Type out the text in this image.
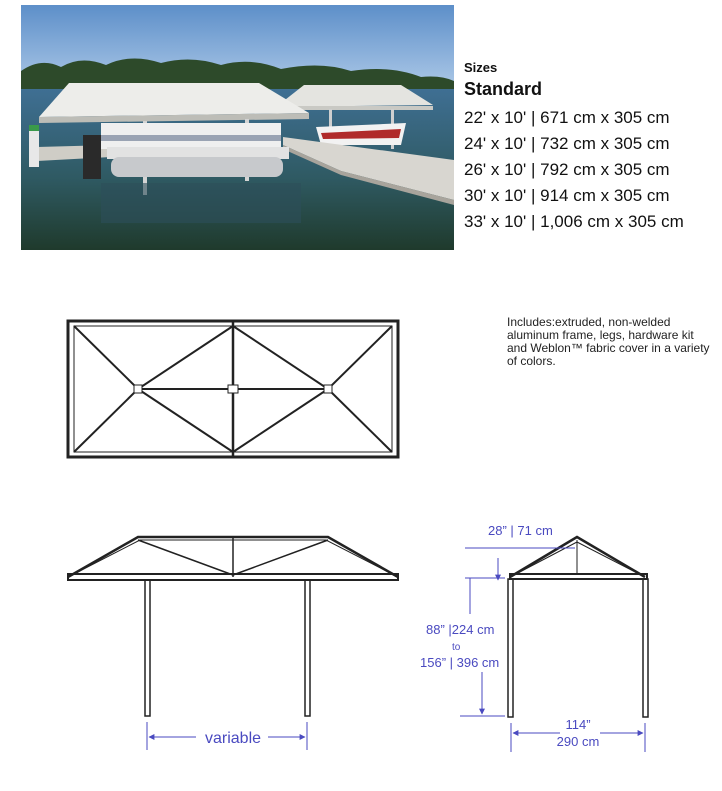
Sizes
Standard
22' x 10' | 671 cm x 305 cm
24' x 10' | 732 cm x 305 cm
26' x 10' | 792 cm x 305 cm
30' x 10' | 914 cm x 305 cm
33' x 10' | 1,006 cm x 305 cm
Includes:extruded, non-welded aluminum frame, legs, hardware kit and Weblon™ fabric cover in a variety of colors.
variable
28” | 71 cm
88” |224 cm
to
156” | 396 cm
114”
290 cm
